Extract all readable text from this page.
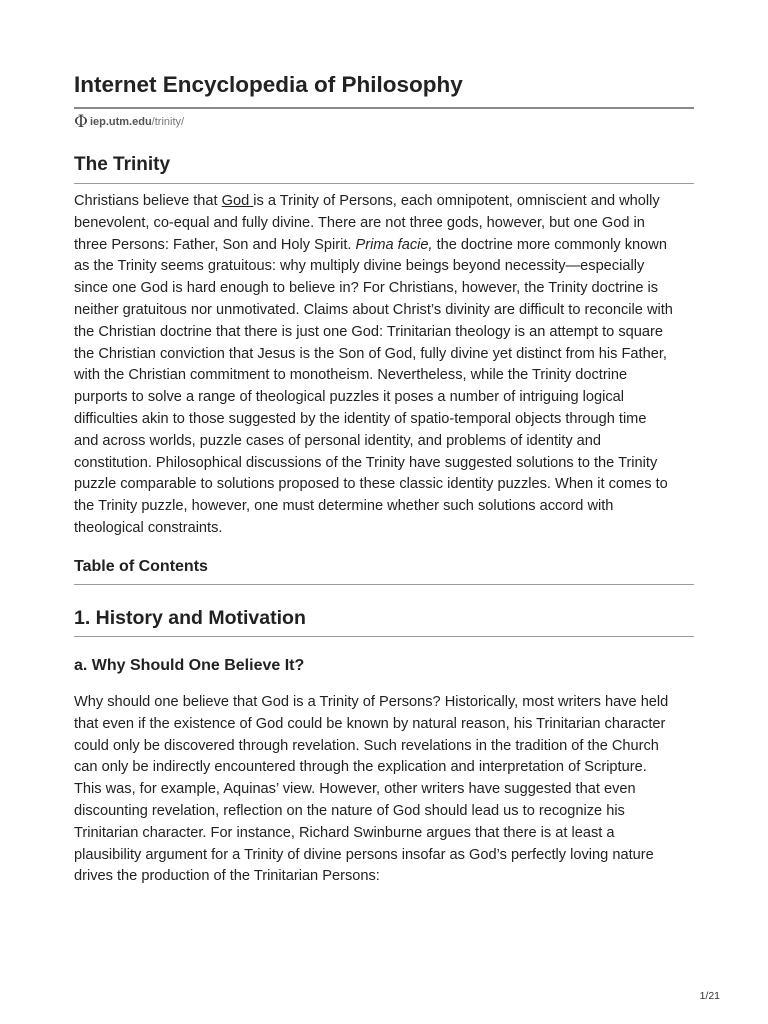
Internet Encyclopedia of Philosophy
Φ iep.utm.edu /trinity/
The Trinity
Christians believe that God is a Trinity of Persons, each omnipotent, omniscient and wholly
benevolent, co-equal and fully divine. There are not three gods, however, but one God in
three Persons: Father, Son and Holy Spirit. Prima facie, the doctrine more commonly known
as the Trinity seems gratuitous: why multiply divine beings beyond necessity—especially
since one God is hard enough to believe in? For Christians, however, the Trinity doctrine is
neither gratuitous nor unmotivated. Claims about Christ’s divinity are difficult to reconcile with
the Christian doctrine that there is just one God: Trinitarian theology is an attempt to square
the Christian conviction that Jesus is the Son of God, fully divine yet distinct from his Father,
with the Christian commitment to monotheism. Nevertheless, while the Trinity doctrine
purports to solve a range of theological puzzles it poses a number of intriguing logical
difficulties akin to those suggested by the identity of spatio-temporal objects through time
and across worlds, puzzle cases of personal identity, and problems of identity and
constitution. Philosophical discussions of the Trinity have suggested solutions to the Trinity
puzzle comparable to solutions proposed to these classic identity puzzles. When it comes to
the Trinity puzzle, however, one must determine whether such solutions accord with
theological constraints.
Table of Contents
1. History and Motivation
a. Why Should One Believe It?
Why should one believe that God is a Trinity of Persons? Historically, most writers have held
that even if the existence of God could be known by natural reason, his Trinitarian character
could only be discovered through revelation. Such revelations in the tradition of the Church
can only be indirectly encountered through the explication and interpretation of Scripture.
This was, for example, Aquinas’ view. However, other writers have suggested that even
discounting revelation, reflection on the nature of God should lead us to recognize his
Trinitarian character. For instance, Richard Swinburne argues that there is at least a
plausibility argument for a Trinity of divine persons insofar as God’s perfectly loving nature
drives the production of the Trinitarian Persons:
1/21
